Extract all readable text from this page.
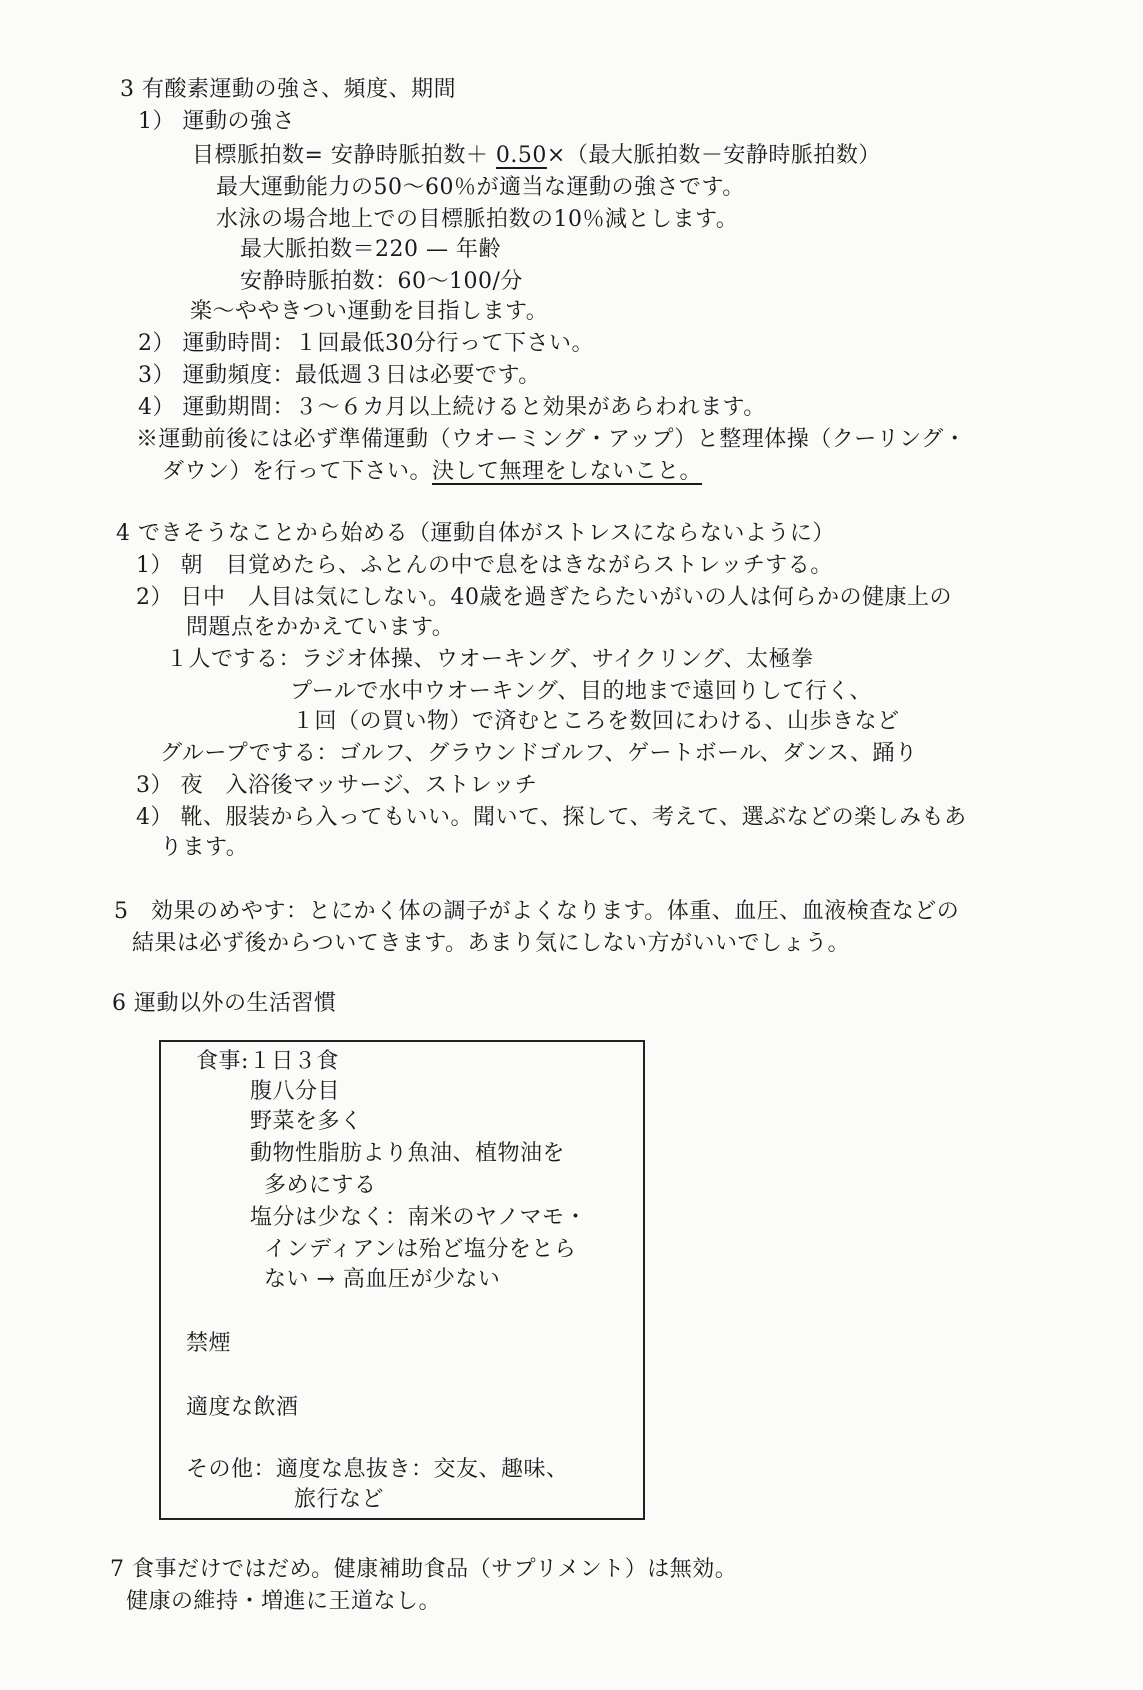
3 有酸素運動の強さ、頻度、期間
1） 運動の強さ
目標脈拍数= 安静時脈拍数＋ 0.50×（最大脈拍数－安静時脈拍数）
最大運動能力の50～60％が適当な運動の強さです。
水泳の場合地上での目標脈拍数の10％減とします。
最大脈拍数＝220 — 年齢
安静時脈拍数：60～100/分
楽～ややきつい運動を目指します。
2） 運動時間：１回最低30分行って下さい。
3） 運動頻度：最低週３日は必要です。
4） 運動期間：３～６カ月以上続けると効果があらわれます。
※運動前後には必ず準備運動（ウオーミング・アップ）と整理体操（クーリング・
ダウン）を行って下さい。決して無理をしないこと。
4 できそうなことから始める（運動自体がストレスにならないように）
1） 朝　目覚めたら、ふとんの中で息をはきながらストレッチする。
2） 日中　人目は気にしない。40歳を過ぎたらたいがいの人は何らかの健康上の
問題点をかかえています。
１人でする：ラジオ体操、ウオーキング、サイクリング、太極拳
プールで水中ウオーキング、目的地まで遠回りして行く、
１回（の買い物）で済むところを数回にわける、山歩きなど
グループでする：ゴルフ、グラウンドゴルフ、ゲートボール、ダンス、踊り
3） 夜　入浴後マッサージ、ストレッチ
4） 靴、服装から入ってもいい。聞いて、探して、考えて、選ぶなどの楽しみもあ
ります。
5　効果のめやす：とにかく体の調子がよくなります。体重、血圧、血液検査などの
結果は必ず後からついてきます。あまり気にしない方がいいでしょう。
6 運動以外の生活習慣
食事:１日３食
腹八分目
野菜を多く
動物性脂肪より魚油、植物油を
多めにする
塩分は少なく：南米のヤノマモ・
インディアンは殆ど塩分をとら
ない → 高血圧が少ない
禁煙
適度な飲酒
その他：適度な息抜き：交友、趣味、
旅行など
7 食事だけではだめ。健康補助食品（サプリメント）は無効。
健康の維持・増進に王道なし。
